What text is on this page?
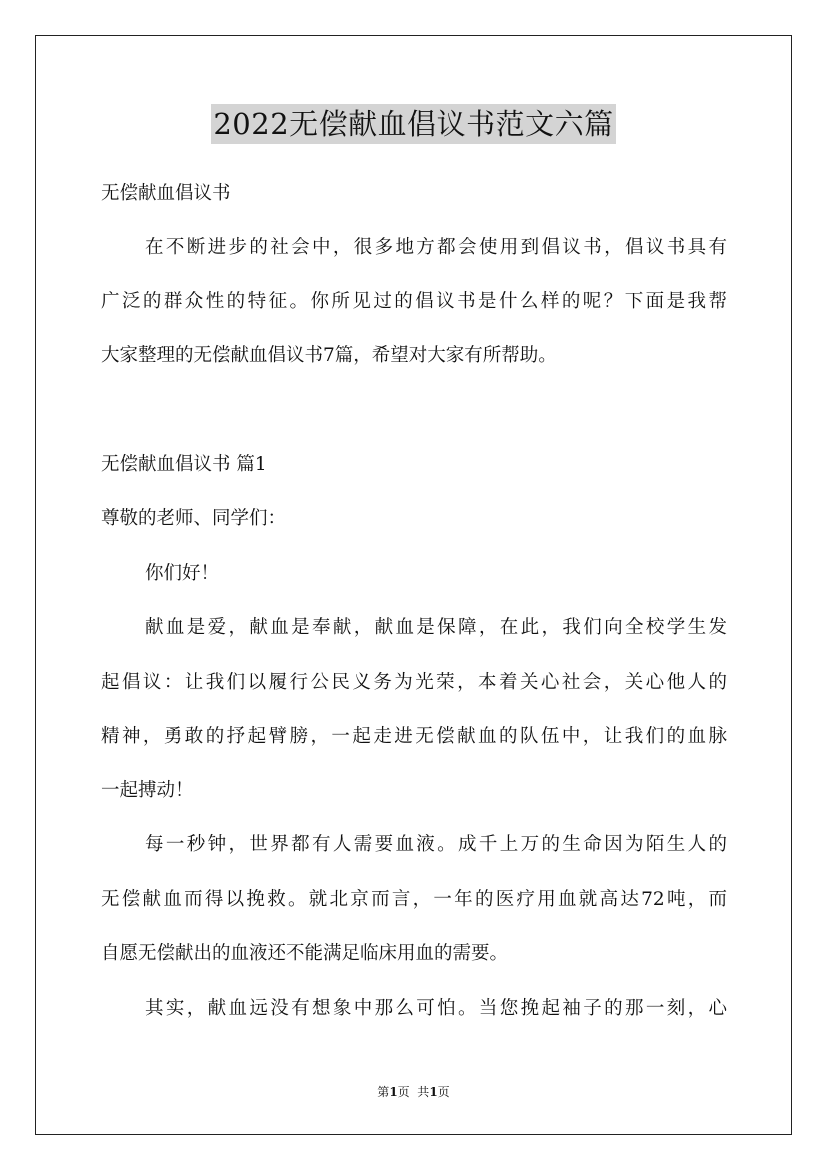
2022无偿献血倡议书范文六篇
无偿献血倡议书
在不断进步的社会中，很多地方都会使用到倡议书，倡议书具有
广泛的群众性的特征。你所见过的倡议书是什么样的呢？下面是我帮
大家整理的无偿献血倡议书7篇，希望对大家有所帮助。
无偿献血倡议书 篇1
尊敬的老师、同学们：
你们好！
献血是爱，献血是奉献，献血是保障，在此，我们向全校学生发
起倡议：让我们以履行公民义务为光荣，本着关心社会，关心他人的
精神，勇敢的抒起臂膀，一起走进无偿献血的队伍中，让我们的血脉
一起搏动！
每一秒钟，世界都有人需要血液。成千上万的生命因为陌生人的
无偿献血而得以挽救。就北京而言，一年的医疗用血就高达72吨，而
自愿无偿献出的血液还不能满足临床用血的需要。
其实，献血远没有想象中那么可怕。当您挽起袖子的那一刻，心
第1页  共1页
